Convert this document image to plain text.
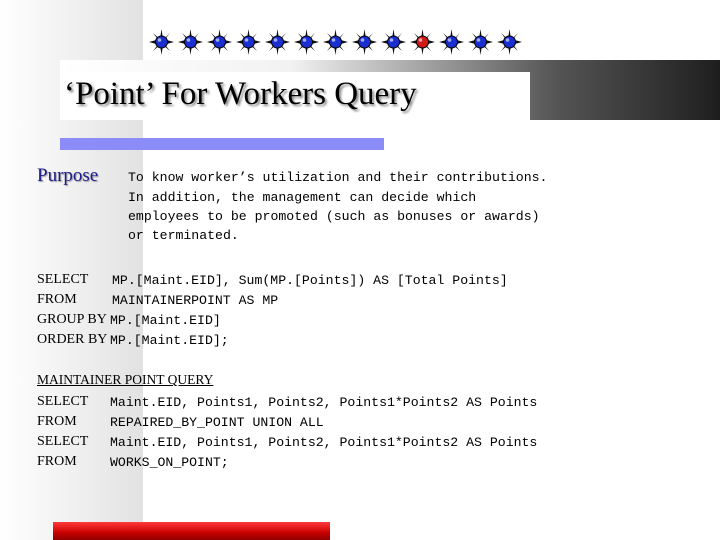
‘Point’ For Workers Query
Purpose To know worker’s utilization and their contributions.
In addition, the management can decide which
employees to be promoted (such as bonuses or awards)
or terminated.
SELECT MP.[Maint.EID], Sum(MP.[Points]) AS [Total Points]
FROM	MAINTAINERPOINT AS MP
GROUP BY MP.[Maint.EID]
ORDER BY MP.[Maint.EID];
MAINTAINER POINT QUERY
SELECT Maint.EID, Points1, Points2, Points1*Points2 AS Points
FROM	REPAIRED_BY_POINT UNION ALL
SELECT Maint.EID, Points1, Points2, Points1*Points2 AS Points
FROM	WORKS_ON_POINT;
